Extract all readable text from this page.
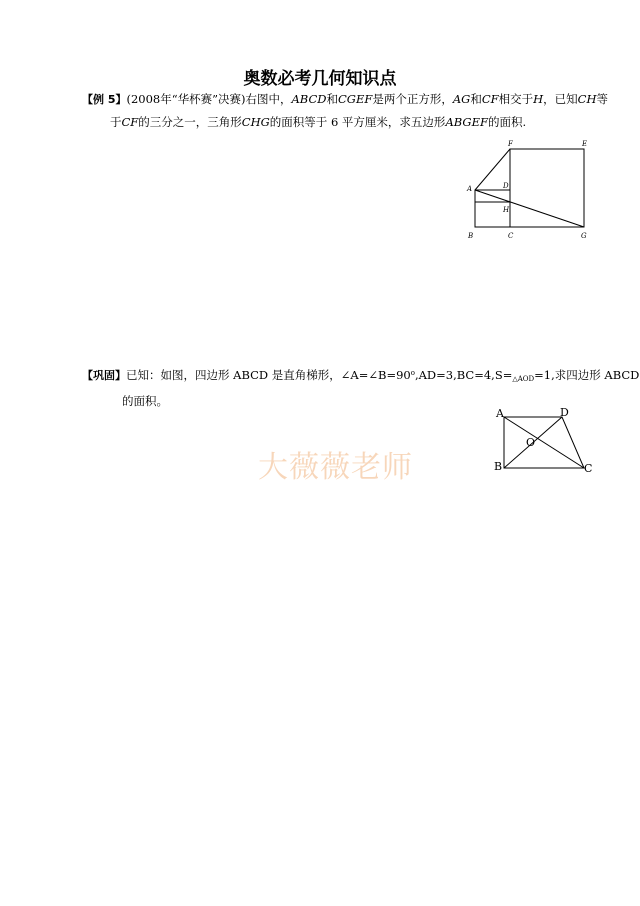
奥数必考几何知识点
【例 5】(2008年“华杯赛”决赛)右图中，ABCD和CGEF是两个正方形，AG和CF相交于H，已知CH等
于CF的三分之一，三角形CHG的面积等于 6 平方厘米，求五边形ABGEF的面积.
F	E
A	D
H
B	C	G
【巩固】已知：如图，四边形 ABCD 是直角梯形，$\angle A=\angle B=90^o,AD=3,BC=4,S=_{\triangle AOD}=1$,求四边形 ABCD
的面积。
A	D
O
B	C
大薇薇老师
